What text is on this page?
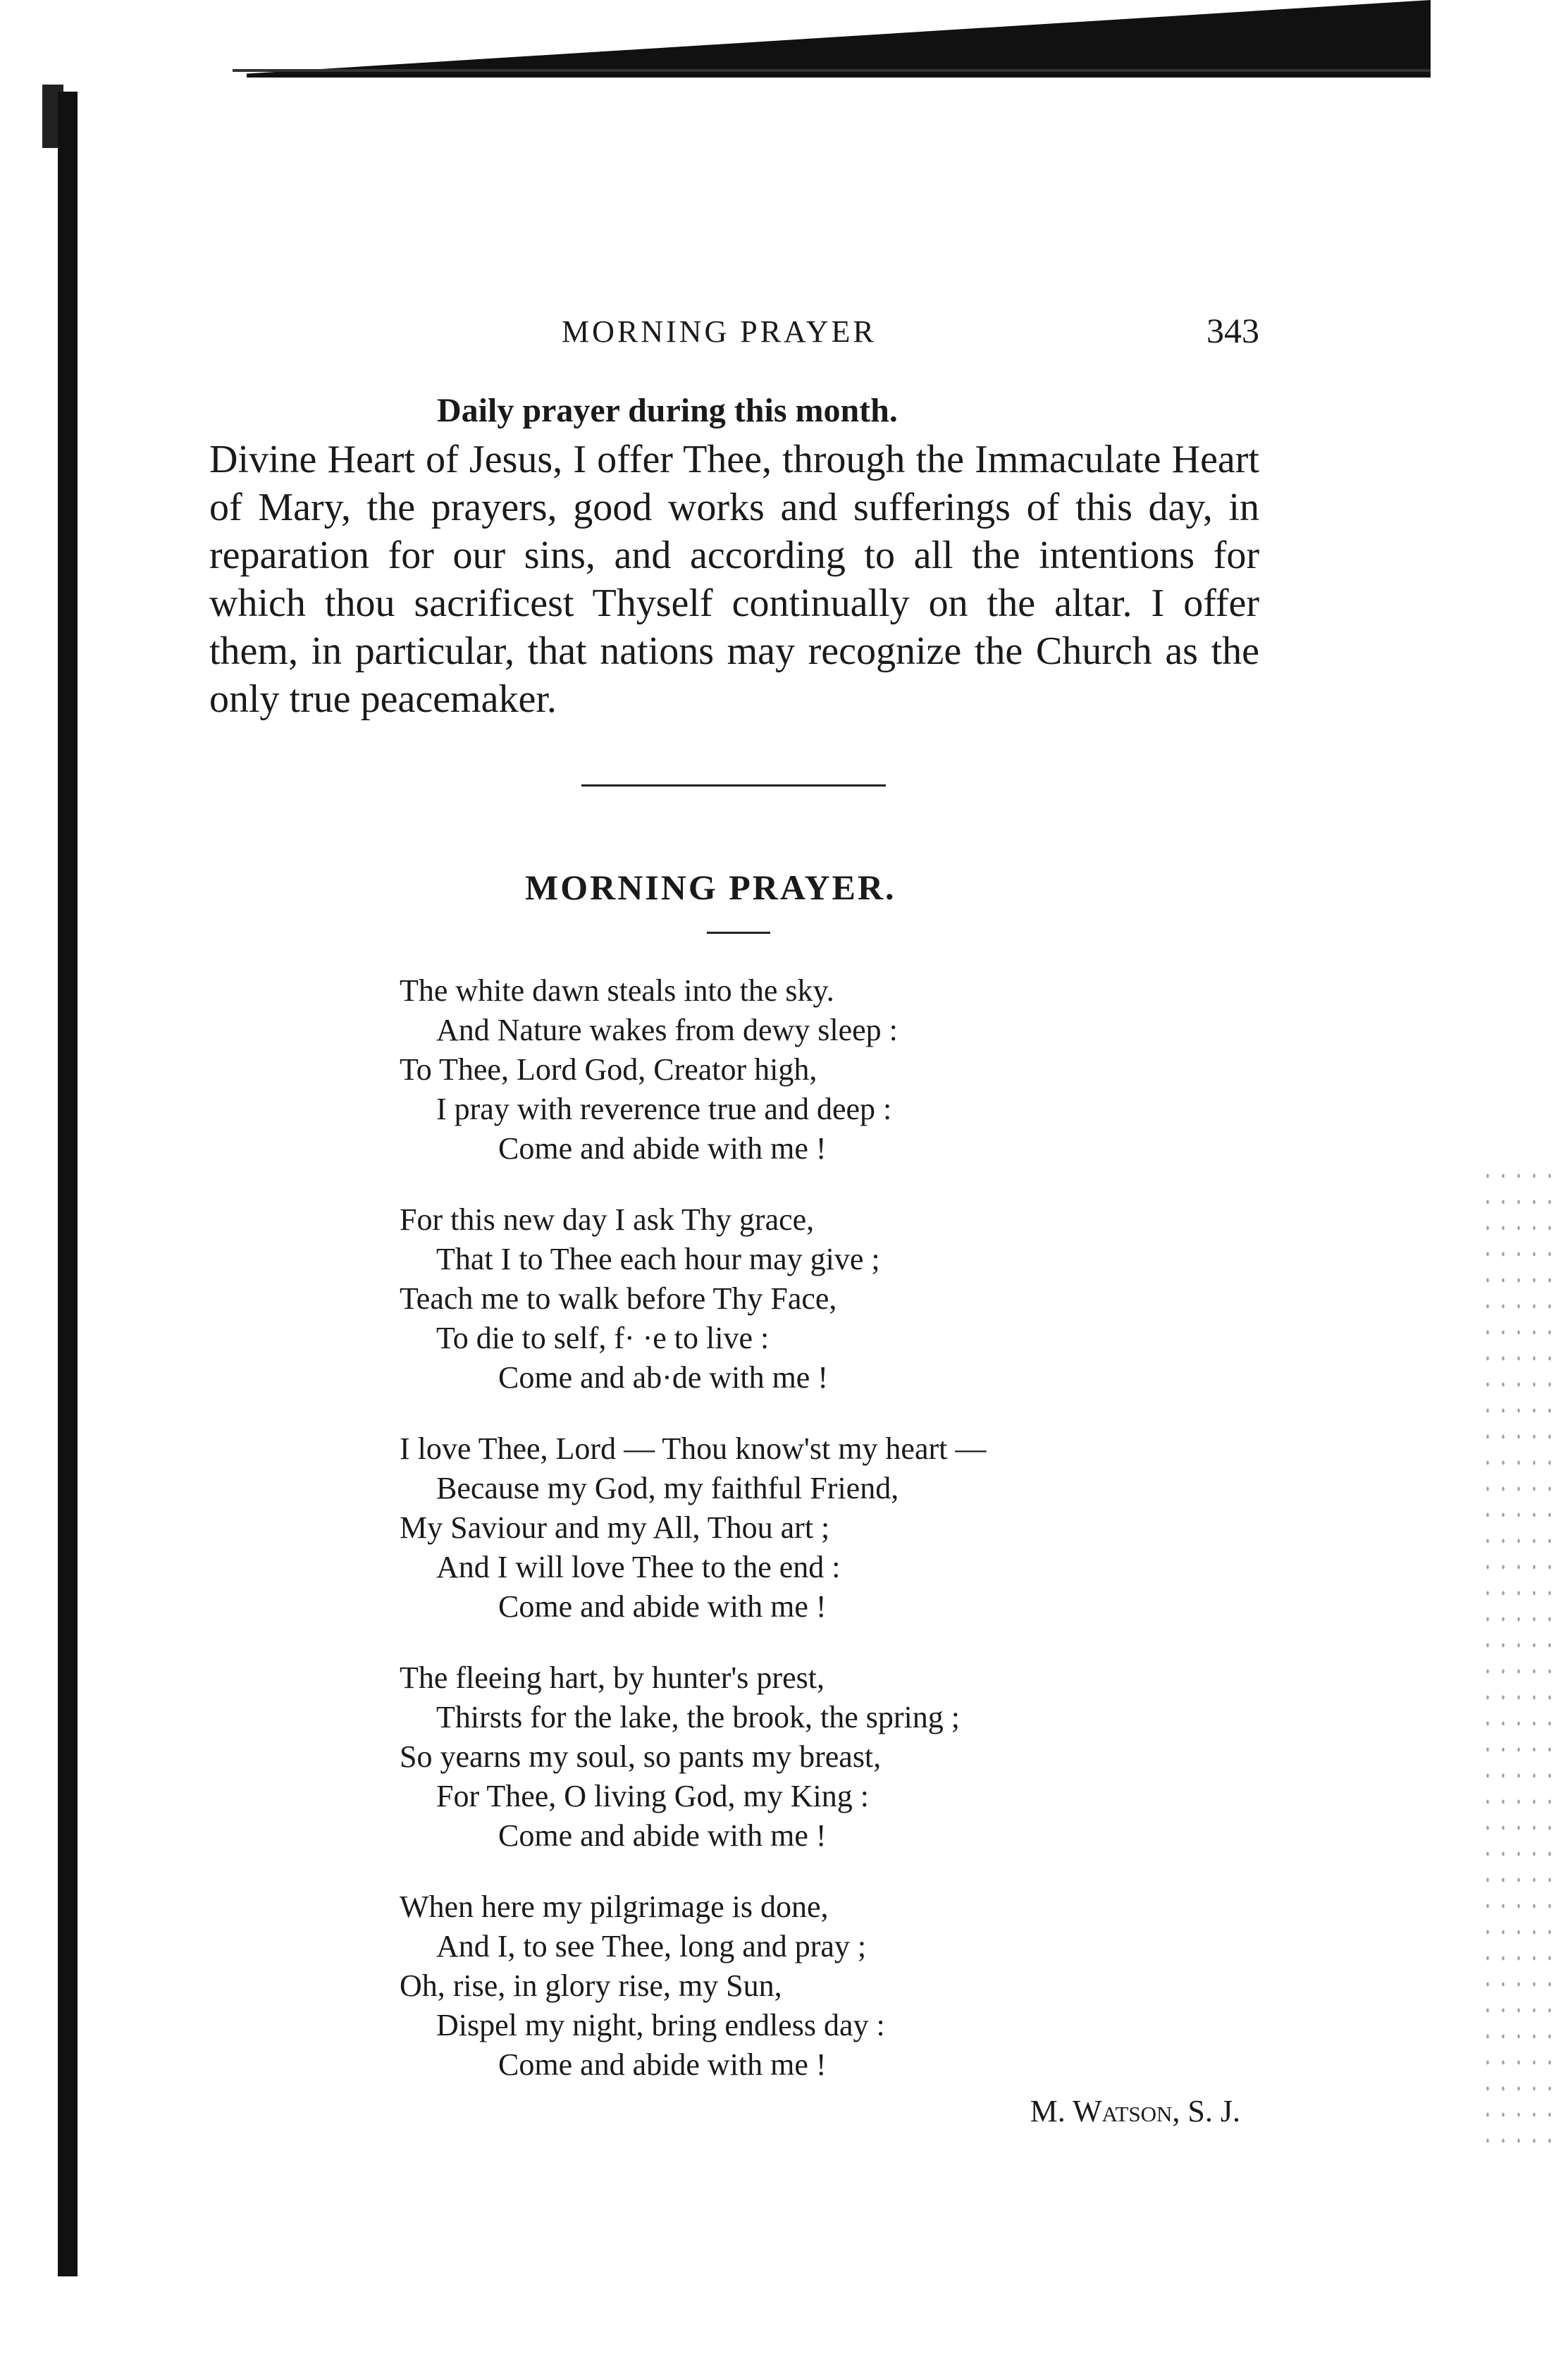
MORNING PRAYER	343
Daily prayer during this month.

Divine Heart of Jesus, I offer Thee, through the Immaculate Heart of Mary, the prayers, good works and sufferings of this day, in reparation for our sins, and according to all the intentions for which thou sacrificest Thyself continually on the altar. I offer them, in particular, that nations may recognize the Church as the only true peacemaker.

MORNING PRAYER.
The white dawn steals into the sky.
And Nature wakes from dewy sleep :
To Thee, Lord God, Creator high,
I pray with reverence true and deep :
Come and abide with me !
For this new day I ask Thy grace,
That I to Thee each hour may give ;
Teach me to walk before Thy Face,
To die to self, f· ·e to live :
Come and ab·de with me !
I love Thee, Lord — Thou know'st my heart —
Because my God, my faithful Friend,
My Saviour and my All, Thou art ;
And I will love Thee to the end :
Come and abide with me !
The fleeing hart, by hunter's prest,
Thirsts for the lake, the brook, the spring ;
So yearns my soul, so pants my breast,
For Thee, O living God, my King :
Come and abide with me !
When here my pilgrimage is done,
And I, to see Thee, long and pray ;
Oh, rise, in glory rise, my Sun,
Dispel my night, bring endless day :
Come and abide with me !
M. Watson, S. J.
